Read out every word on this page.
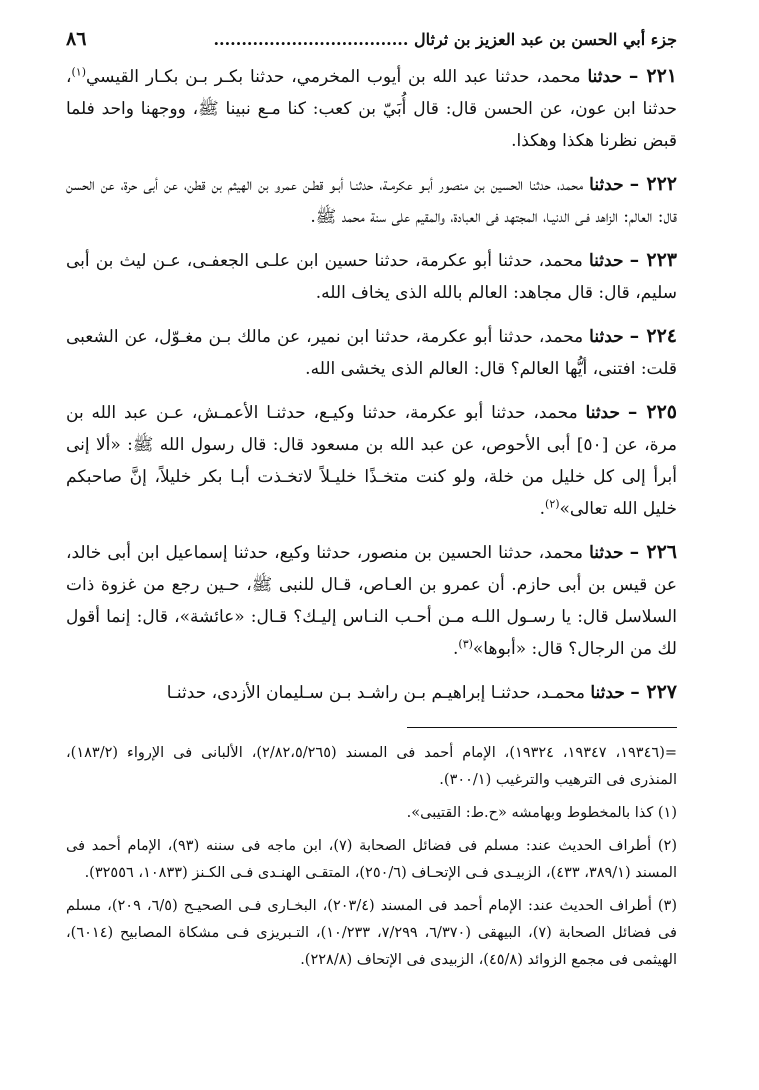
جزء أبي الحسن بن عبد العزيز بن ثرثال ...................................
٨٦

٢٢١ – حدثنا محمد، حدثنا عبد الله بن أيوب المخرمي، حدثنا بكـر بـن بكـار القيسي$^{(١)}$، حدثنا ابن عون، عن الحسن قال: قال أُبَيّ بن كعب: كنا مـع نبينا ﷺ، ووجهنا واحد فلما قبض نظرنا هكذا وهكذا.

٢٢٢ – حدثنا محمد، حدثنا الحسين بن منصور أبـو عكرمـة، حدثنـا أبـو قطـن عمرو بن الهيثم بن قطن، عن أبى حرة، عن الحسن قال: العالم: الزاهد فـى الدنيـا، المجتهد فى العبادة، والمقيم على سنة محمد ﷺ.

٢٢٣ – حدثنا محمد، حدثنا أبو عكرمة، حدثنا حسين ابن علـى الجعفـى، عـن ليث بن أبى سليم، قال: قال مجاهد: العالم بالله الذى يخاف الله.

٢٢٤ – حدثنا محمد، حدثنا أبو عكرمة، حدثنا ابن نمير، عن مالك بـن مغـوّل، عن الشعبى قلت: افتنى، أيُّها العالم؟ قال: العالم الذى يخشى الله.

٢٢٥ – حدثنا محمد، حدثنا أبو عكرمة، حدثنا وكيـع، حدثنـا الأعمـش، عـن عبد الله بن مرة، عن [٥٠] أبى الأحوص، عن عبد الله بن مسعود قال: قال رسول الله ﷺ: «ألا إنى أبرأ إلى كل خليل من خلة، ولو كنت متخـذًا خليـلاً لاتخـذت أبـا بكر خليلاً، إنَّ صاحبكم خليل الله تعالى»$^{(٢)}$.

٢٢٦ – حدثنا محمد، حدثنا الحسين بن منصور، حدثنا وكيع، حدثنا إسماعيل ابن أبى خالد، عن قيس بن أبى حازم. أن عمرو بن العـاص، قـال للنبى ﷺ، حـين رجع من غزوة ذات السلاسل قال: يا رسـول اللـه مـن أحـب النـاس إليـك؟ قـال: «عائشة»، قال: إنما أقول لك من الرجال؟ قال: «أبوها»$^{(٣)}$.

٢٢٧ – حدثنا محمـد، حدثنـا إبراهيـم بـن راشـد بـن سـليمان الأزدى، حدثنـا

=(١٩٣٤٦، ١٩٣٤٧، ١٩٣٢٤)، الإمام أحمد فى المسند (٢/٨٢،٥/٢٦٥)، الألبانى فى الإرواء (١٨٣/٢)، المنذرى فى الترهيب والترغيب (٣٠٠/١).

(١) كذا بالمخطوط وبهامشه «ح.ط: القتيبى».

(٢) أطراف الحديث عند: مسلم فى فضائل الصحابة (٧)، ابن ماجه فى سننه (٩٣)، الإمام أحمد فى المسند (٣٨٩/١، ٤٣٣)، الزبيـدى فـى الإتحـاف (٢٥٠/٦)، المتقـى الهنـدى فـى الكـنز (١٠٨٣٣، ٣٢٥٥٦).

(٣) أطراف الحديث عند: الإمام أحمد فى المسند (٢٠٣/٤)، البخـارى فـى الصحيـح (٦/٥، ٢٠٩)، مسلم فى فضائل الصحابة (٧)، البيهقى (٦/٣٧٠، ٧/٢٩٩، ١٠/٢٣٣)، التـبريزى فـى مشكاة المصابيح (٦٠١٤)، الهيثمى فى مجمع الزوائد (٤٥/٨)، الزبيدى فى الإتحاف (٢٢٨/٨).
